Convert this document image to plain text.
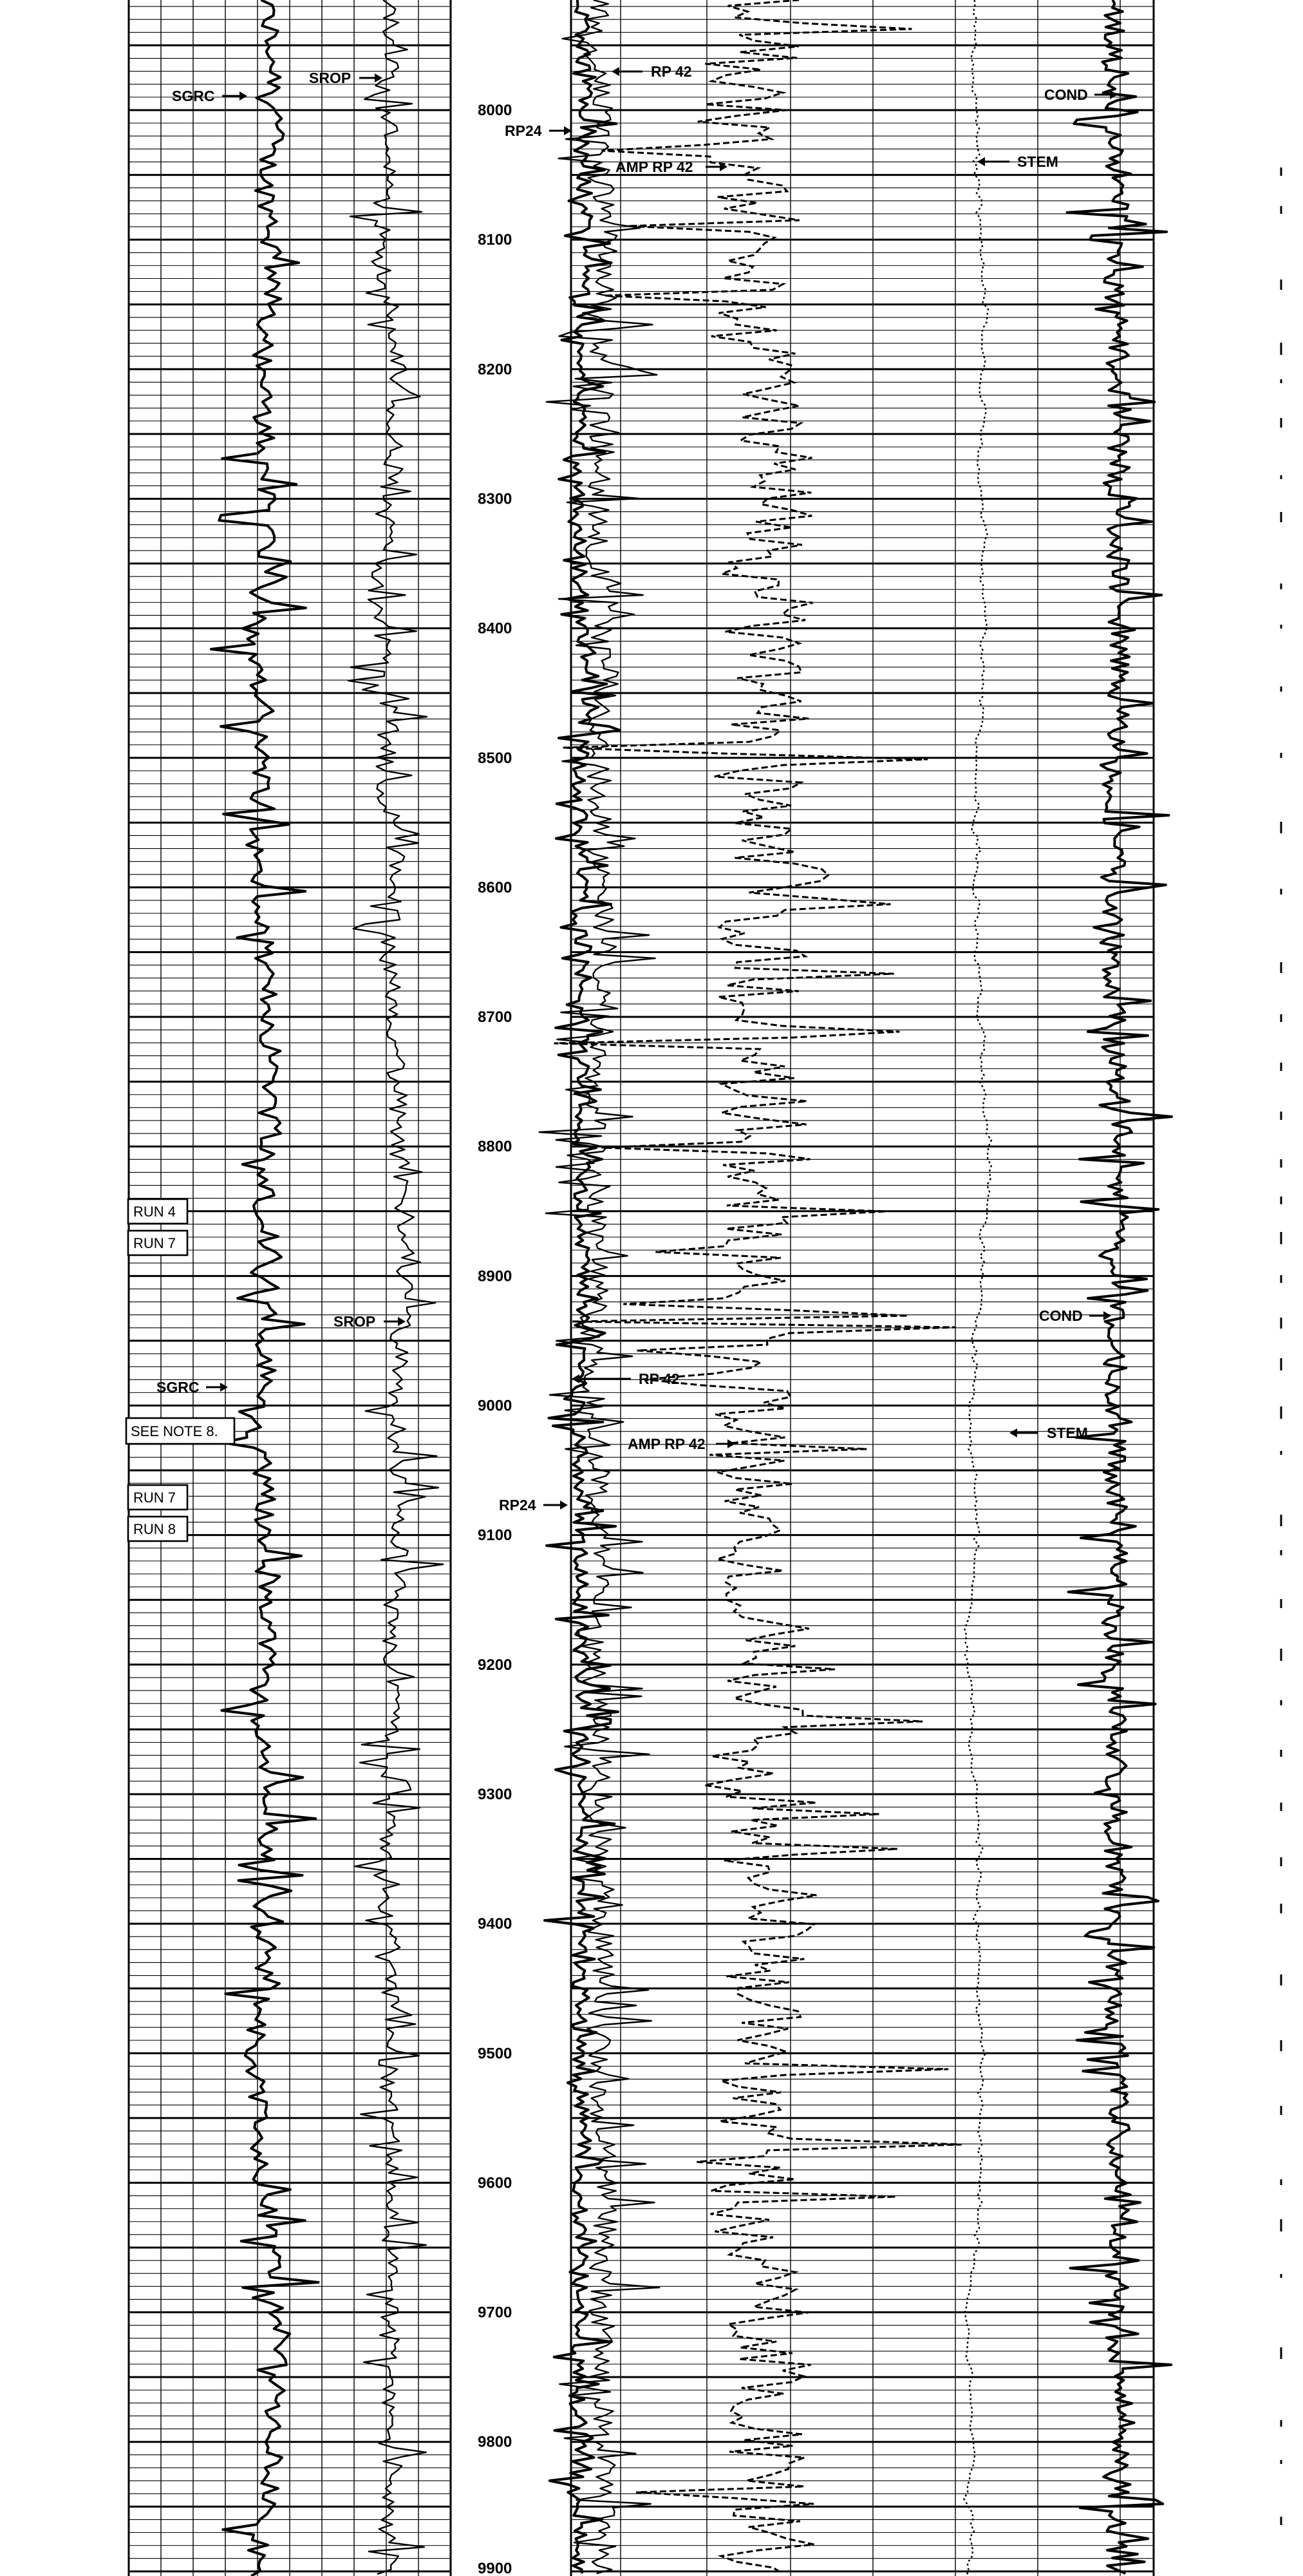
8000
8100
8200
8300
8400
8500
8600
8700
8800
8900
9000
9100
9200
9300
9400
9500
9600
9700
9800
9900
SGRC
SROP	RP 42
RP24
AMP RP 42	STEM
COND
SROP
SGRC	RP 42
AMP RP 42
RP24
STEM
COND
RUN 4
RUN 7
SEE NOTE 8.
RUN 7
RUN 8
